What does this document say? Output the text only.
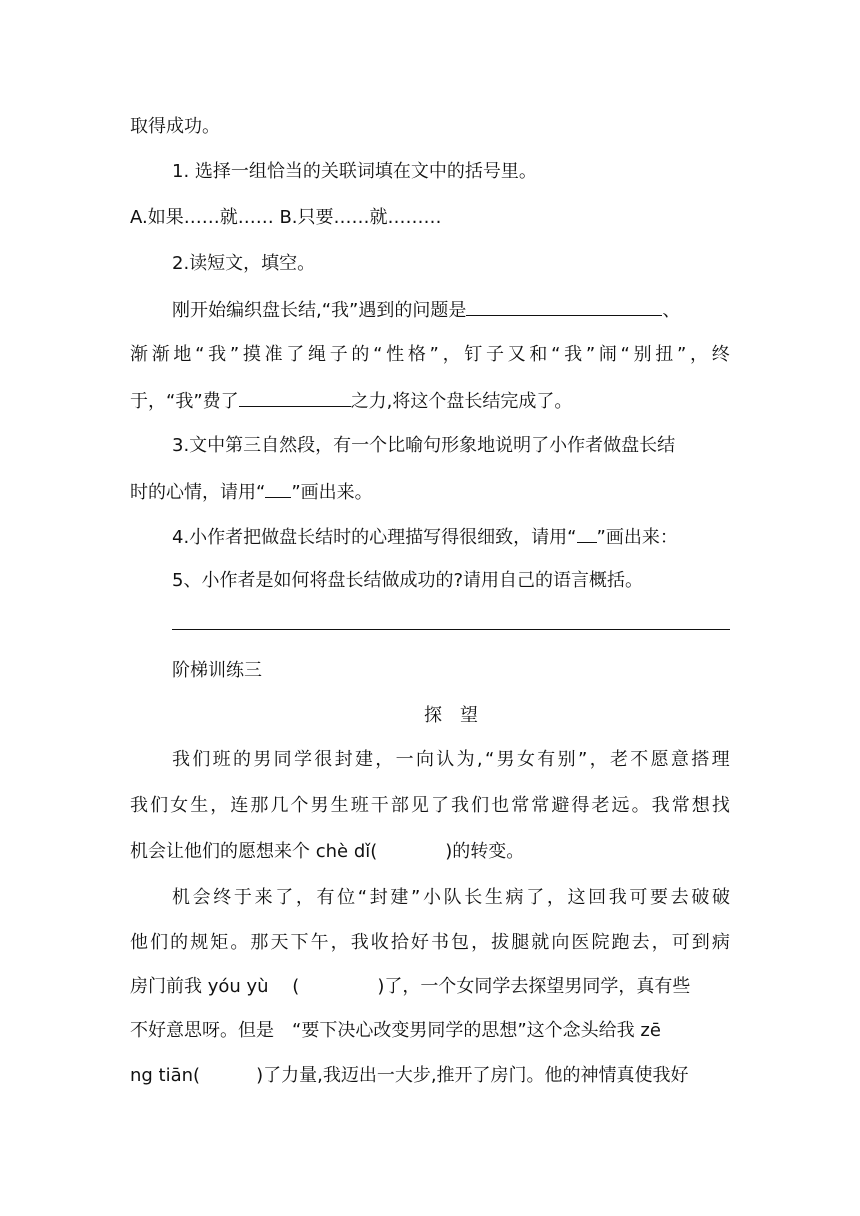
取得成功。
1. 选择一组恰当的关联词填在文中的括号里。
A.如果……就…… B.只要……就………
2.读短文，填空。
刚开始编织盘长结,“我”遇到的问题是	、
渐 渐 地 “ 我 ” 摸 准 了 绳 子 的 “ 性 格 ” ， 钉 子 又 和 “ 我 ” 闹 “ 别 扭 ” ， 终
于，“我”费了	之力,将这个盘长结完成了。
3.文中第三自然段，有一个比喻句形象地说明了小作者做盘长结
时的心情，请用“ ”画出来。
4.小作者把做盘长结时的心理描写得很细致，请用“ ”画出来：
5、小作者是如何将盘长结做成功的?请用自己的语言概括。
阶梯训练三
探　望
我 们 班 的 男 同 学 很 封 建 ， 一 向 认 为 , “ 男 女 有 别 ” ， 老 不 愿 意 搭 理
我 们 女 生 ， 连 那 几 个 男 生 班 干 部 见 了 我 们 也 常 常 避 得 老 远 。 我 常 想 找
机会让他们的愿想来个 chè dǐ(	)的转变。
机 会 终 于 来 了 ， 有 位 “ 封 建 ” 小 队 长 生 病 了 ， 这 回 我 可 要 去 破 破
他 们 的 规 矩 。 那 天 下 午 ， 我 收 拾 好 书 包 ， 拔 腿 就 向 医 院 跑 去 ， 可 到 病
房门前我 yóu yù　 (	)了，一个女同学去探望男同学，真有些
不好意思呀。但是　“要下决心改变男同学的思想”这个念头给我 zē
ng tiān(	)了力量,我迈出一大步,推开了房门。他的神情真使我好
